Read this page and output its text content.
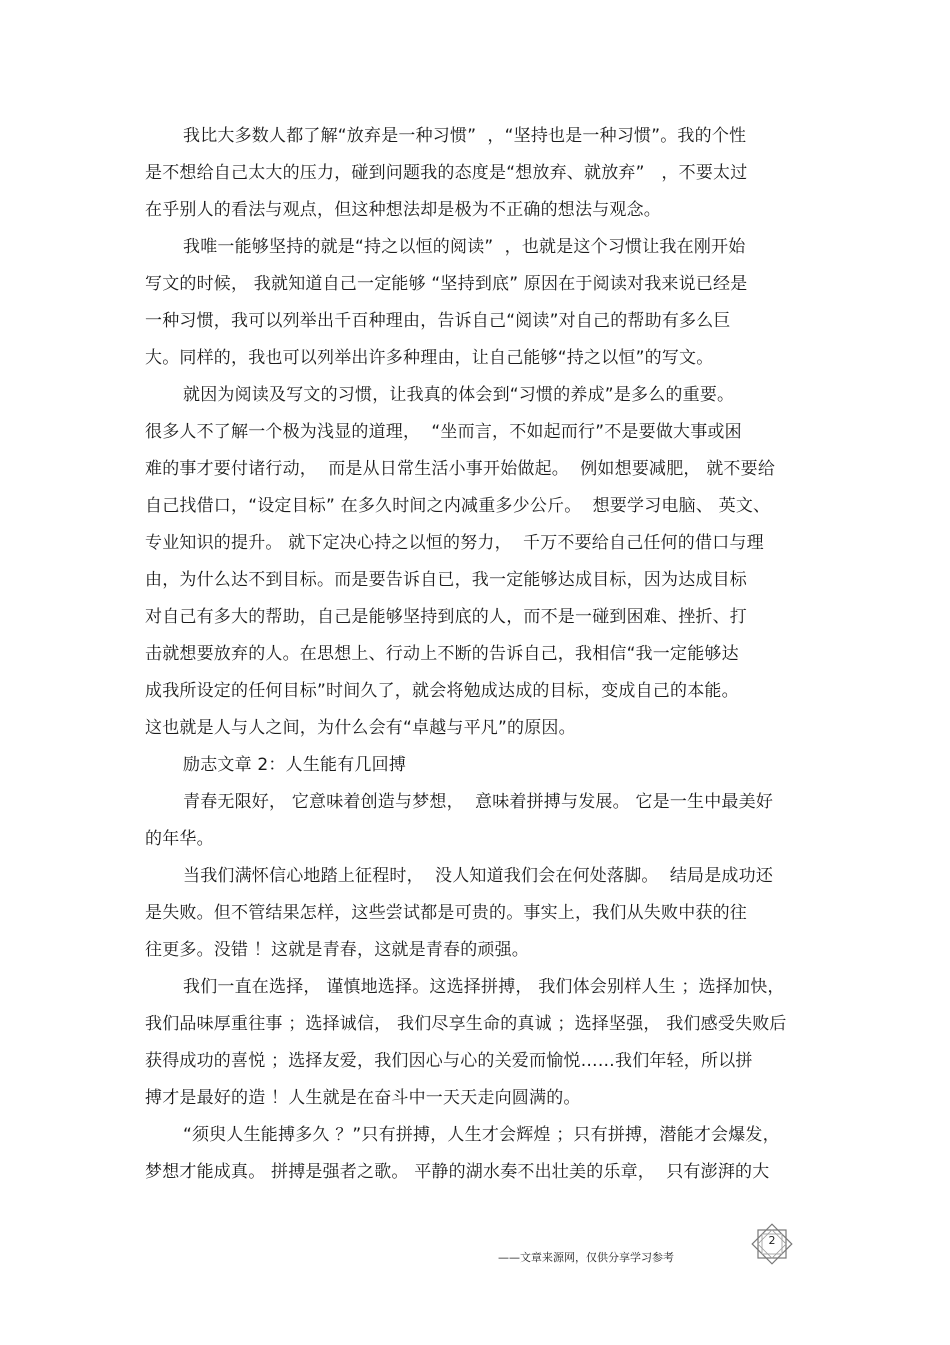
我比大多数人都了解“放弃是一种习惯”  ，“坚持也是一种习惯”。我的个性
是不想给自己太大的压力，碰到问题我的态度是“想放弃、就放弃”   ，不要太过
在乎别人的看法与观点，但这种想法却是极为不正确的想法与观念。
我唯一能够坚持的就是“持之以恒的阅读”  ，也就是这个习惯让我在刚开始
写文的时候， 我就知道自己一定能够 “坚持到底” 原因在于阅读对我来说已经是
一种习惯，我可以列举出千百种理由，告诉自己“阅读”对自己的帮助有多么巨
大。同样的，我也可以列举出许多种理由，让自己能够“持之以恒”的写文。
就因为阅读及写文的习惯，让我真的体会到“习惯的养成”是多么的重要。
很多人不了解一个极为浅显的道理，  “坐而言，不如起而行”不是要做大事或困
难的事才要付诸行动，  而是从日常生活小事开始做起。  例如想要减肥， 就不要给
自己找借口，“设定目标” 在多久时间之内减重多少公斤。  想要学习电脑、 英文、
专业知识的提升。 就下定决心持之以恒的努力，  千万不要给自己任何的借口与理
由，为什么达不到目标。而是要告诉自已，我一定能够达成目标，因为达成目标
对自己有多大的帮助，自己是能够坚持到底的人，而不是一碰到困难、挫折、打
击就想要放弃的人。在思想上、行动上不断的告诉自己，我相信“我一定能够达
成我所设定的任何目标”时间久了，就会将勉成达成的目标，变成自己的本能。
这也就是人与人之间，为什么会有“卓越与平凡”的原因。
励志文章 2：人生能有几回搏
青春无限好， 它意味着创造与梦想，  意味着拼搏与发展。 它是一生中最美好
的年华。
当我们满怀信心地踏上征程时，  没人知道我们会在何处落脚。  结局是成功还
是失败。但不管结果怎样，这些尝试都是可贵的。事实上，我们从失败中获的往
往更多。没错 ！这就是青春，这就是青春的顽强。
我们一直在选择， 谨慎地选择。这选择拼搏， 我们体会别样人生 ；选择加快，
我们品味厚重往事 ；选择诚信， 我们尽享生命的真诚 ；选择坚强， 我们感受失败后
获得成功的喜悦 ；选择友爱，我们因心与心的关爱而愉悦……我们年轻，所以拼
搏才是最好的造 ！人生就是在奋斗中一天天走向圆满的。
“须臾人生能搏多久 ？”只有拼搏，人生才会辉煌 ；只有拼搏，潜能才会爆发，
梦想才能成真。 拼搏是强者之歌。 平静的湖水奏不出壮美的乐章，  只有澎湃的大
2
——文章来源网，仅供分享学习参考
